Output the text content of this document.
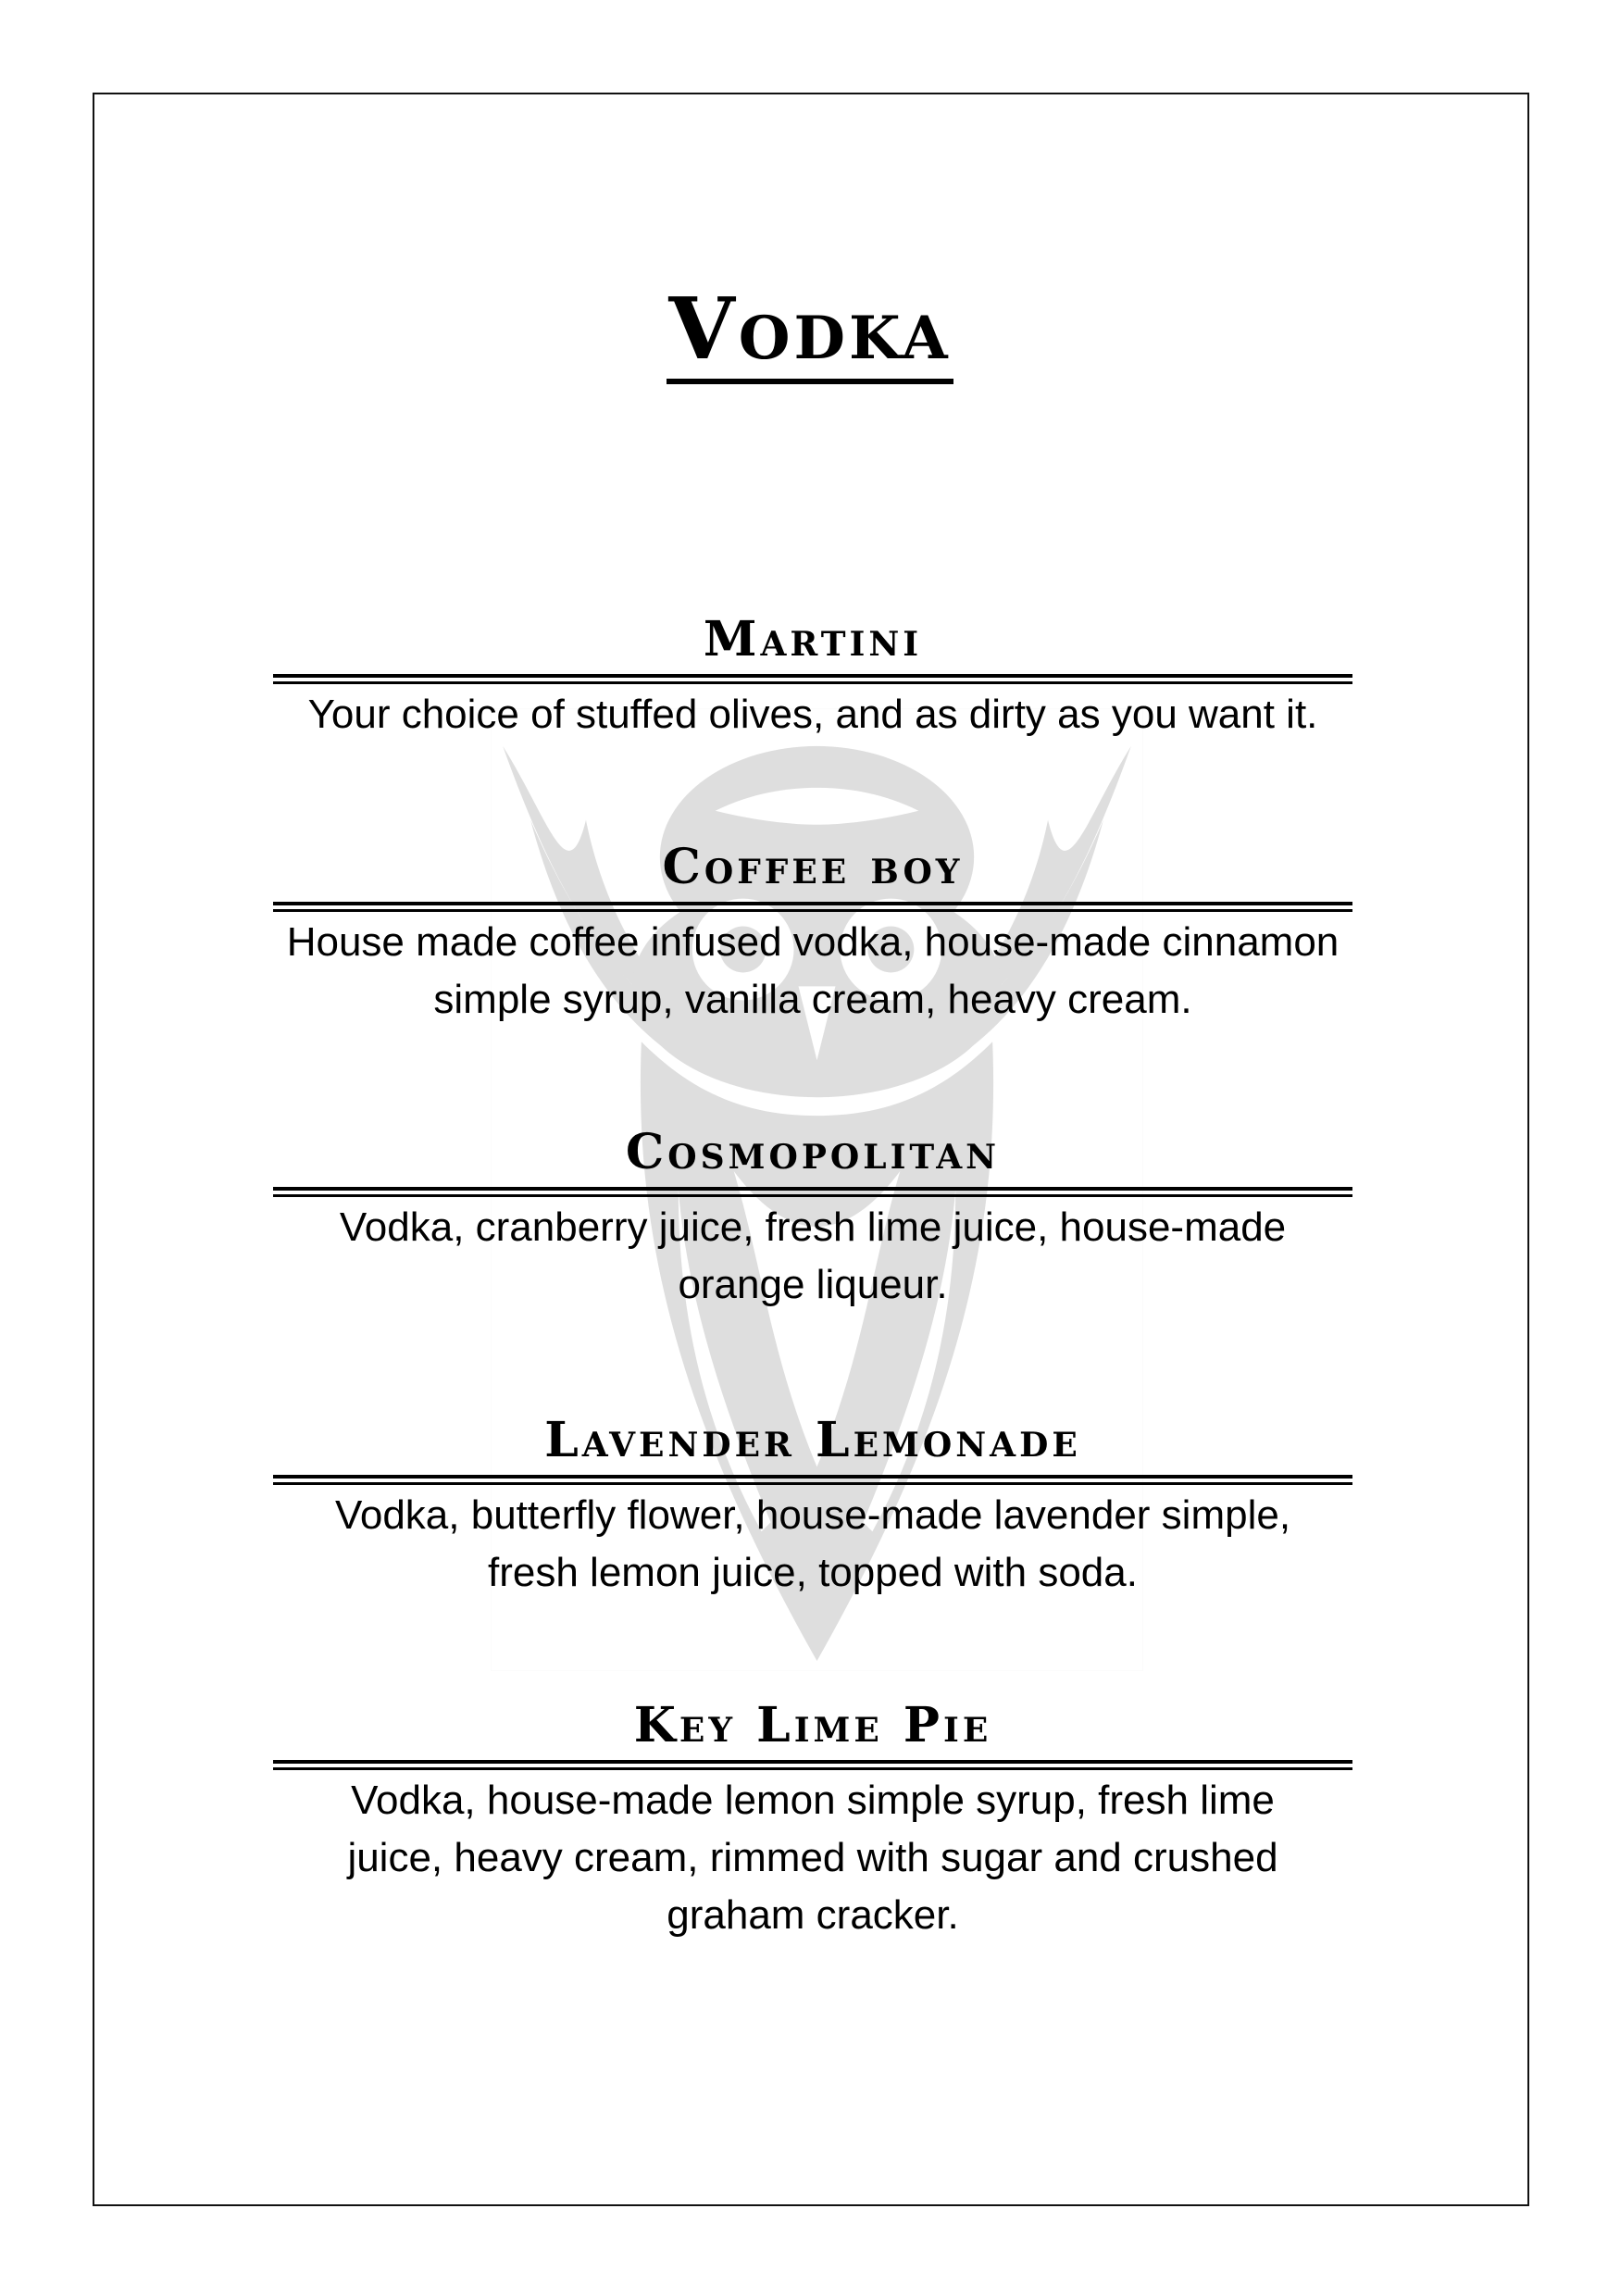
Vodka
Martini
Your choice of stuffed olives, and as dirty as you want it.
Coffee boy
House made coffee infused vodka, house-made cinnamon simple syrup, vanilla cream, heavy cream.
Cosmopolitan
Vodka, cranberry juice, fresh lime juice, house-made orange liqueur.
Lavender Lemonade
Vodka, butterfly flower, house-made lavender simple, fresh lemon juice, topped with soda.
Key Lime Pie
Vodka, house-made lemon simple syrup, fresh lime juice, heavy cream, rimmed with sugar and crushed graham cracker.
